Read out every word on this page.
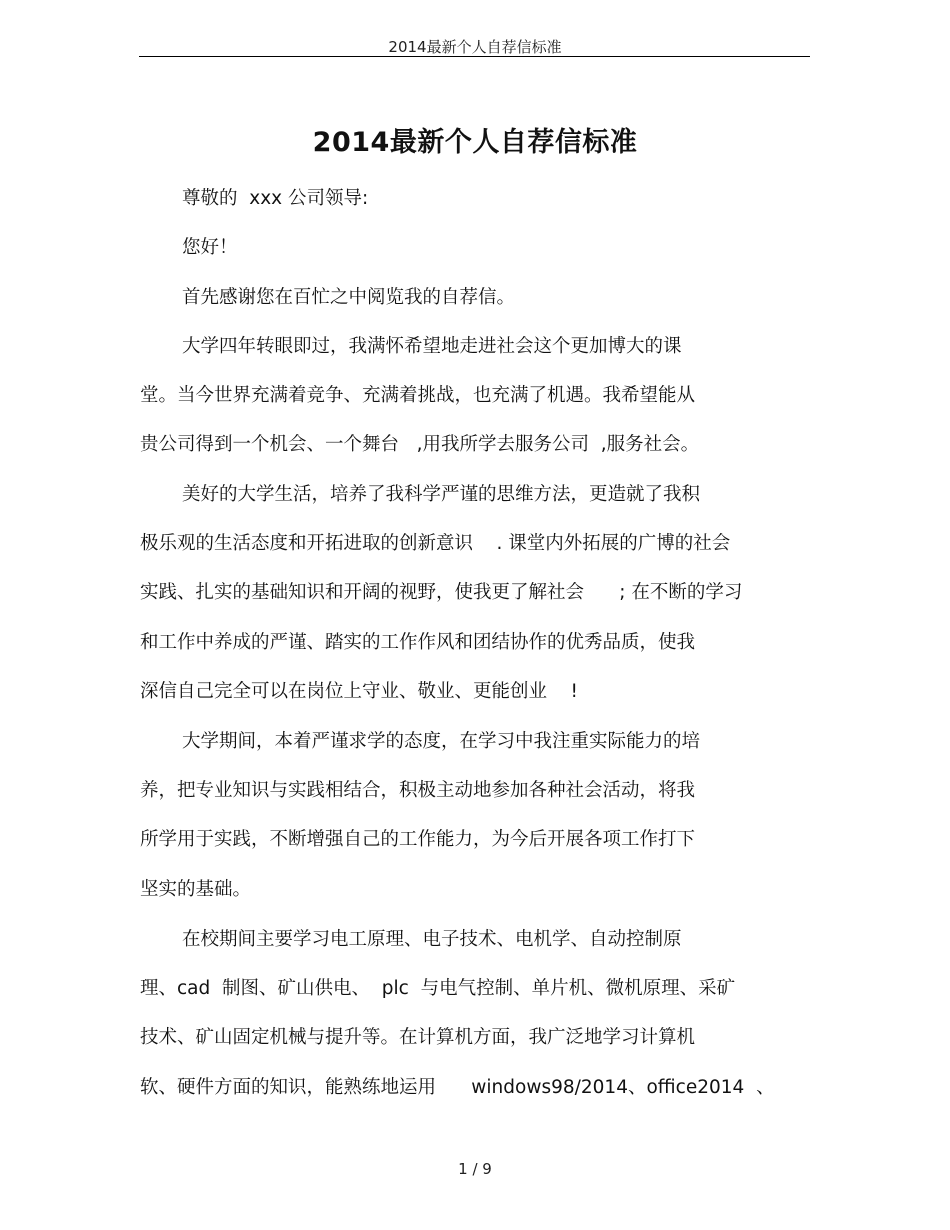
2014最新个人自荐信标准
2014最新个人自荐信标准
尊敬的  xxx 公司领导:
您好！
首先感谢您在百忙之中阅览我的自荐信。
大学四年转眼即过，我满怀希望地走进社会这个更加博大的课
堂。当今世界充满着竞争、充满着挑战，也充满了机遇。我希望能从
贵公司得到一个机会、一个舞台   ,用我所学去服务公司  ,服务社会。
美好的大学生活，培养了我科学严谨的思维方法，更造就了我积
极乐观的生活态度和开拓进取的创新意识    . 课堂内外拓展的广博的社会
实践、扎实的基础知识和开阔的视野，使我更了解社会      ; 在不断的学习
和工作中养成的严谨、踏实的工作作风和团结协作的优秀品质，使我
深信自己完全可以在岗位上守业、敬业、更能创业    !
大学期间，本着严谨求学的态度，在学习中我注重实际能力的培
养，把专业知识与实践相结合，积极主动地参加各种社会活动，将我
所学用于实践，不断增强自己的工作能力，为今后开展各项工作打下
坚实的基础。
在校期间主要学习电工原理、电子技术、电机学、自动控制原
理、cad  制图、矿山供电、  plc  与电气控制、单片机、微机原理、采矿
技术、矿山固定机械与提升等。在计算机方面，我广泛地学习计算机
软、硬件方面的知识，能熟练地运用      windows98/2014、office2014  、
1 / 9
